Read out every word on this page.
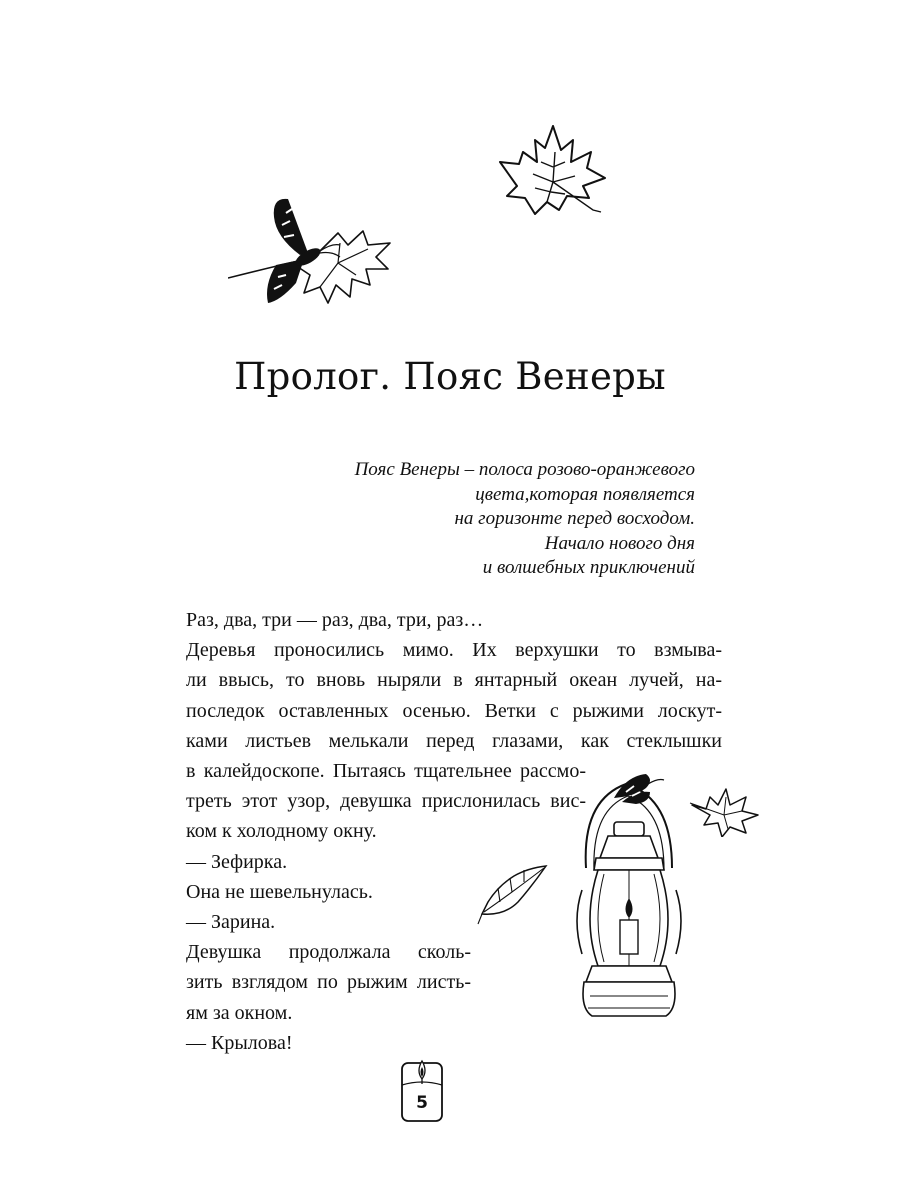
Пролог. Пояс Венеры
Пояс Венеры – полоса розово-оранжевого
цвета,которая появляется
на горизонте перед восходом.
Начало нового дня
и волшебных приключений

Раз, два, три — раз, два, три, раз…

Деревья проносились мимо. Их верхушки то взмыва-

ли ввысь, то вновь ныряли в янтарный океан лучей, на-

последок оставленных осенью. Ветки с рыжими лоскут-

ками листьев мелькали перед глазами, как стеклышки

в калейдоскопе. Пытаясь тщательнее рассмо-

треть этот узор, девушка прислонилась вис-

ком к холодному окну.

— Зефирка.

Она не шевельнулась.

— Зарина.

Девушка продолжала сколь-

зить взглядом по рыжим листь-

ям за окном.

— Крылова!

5
